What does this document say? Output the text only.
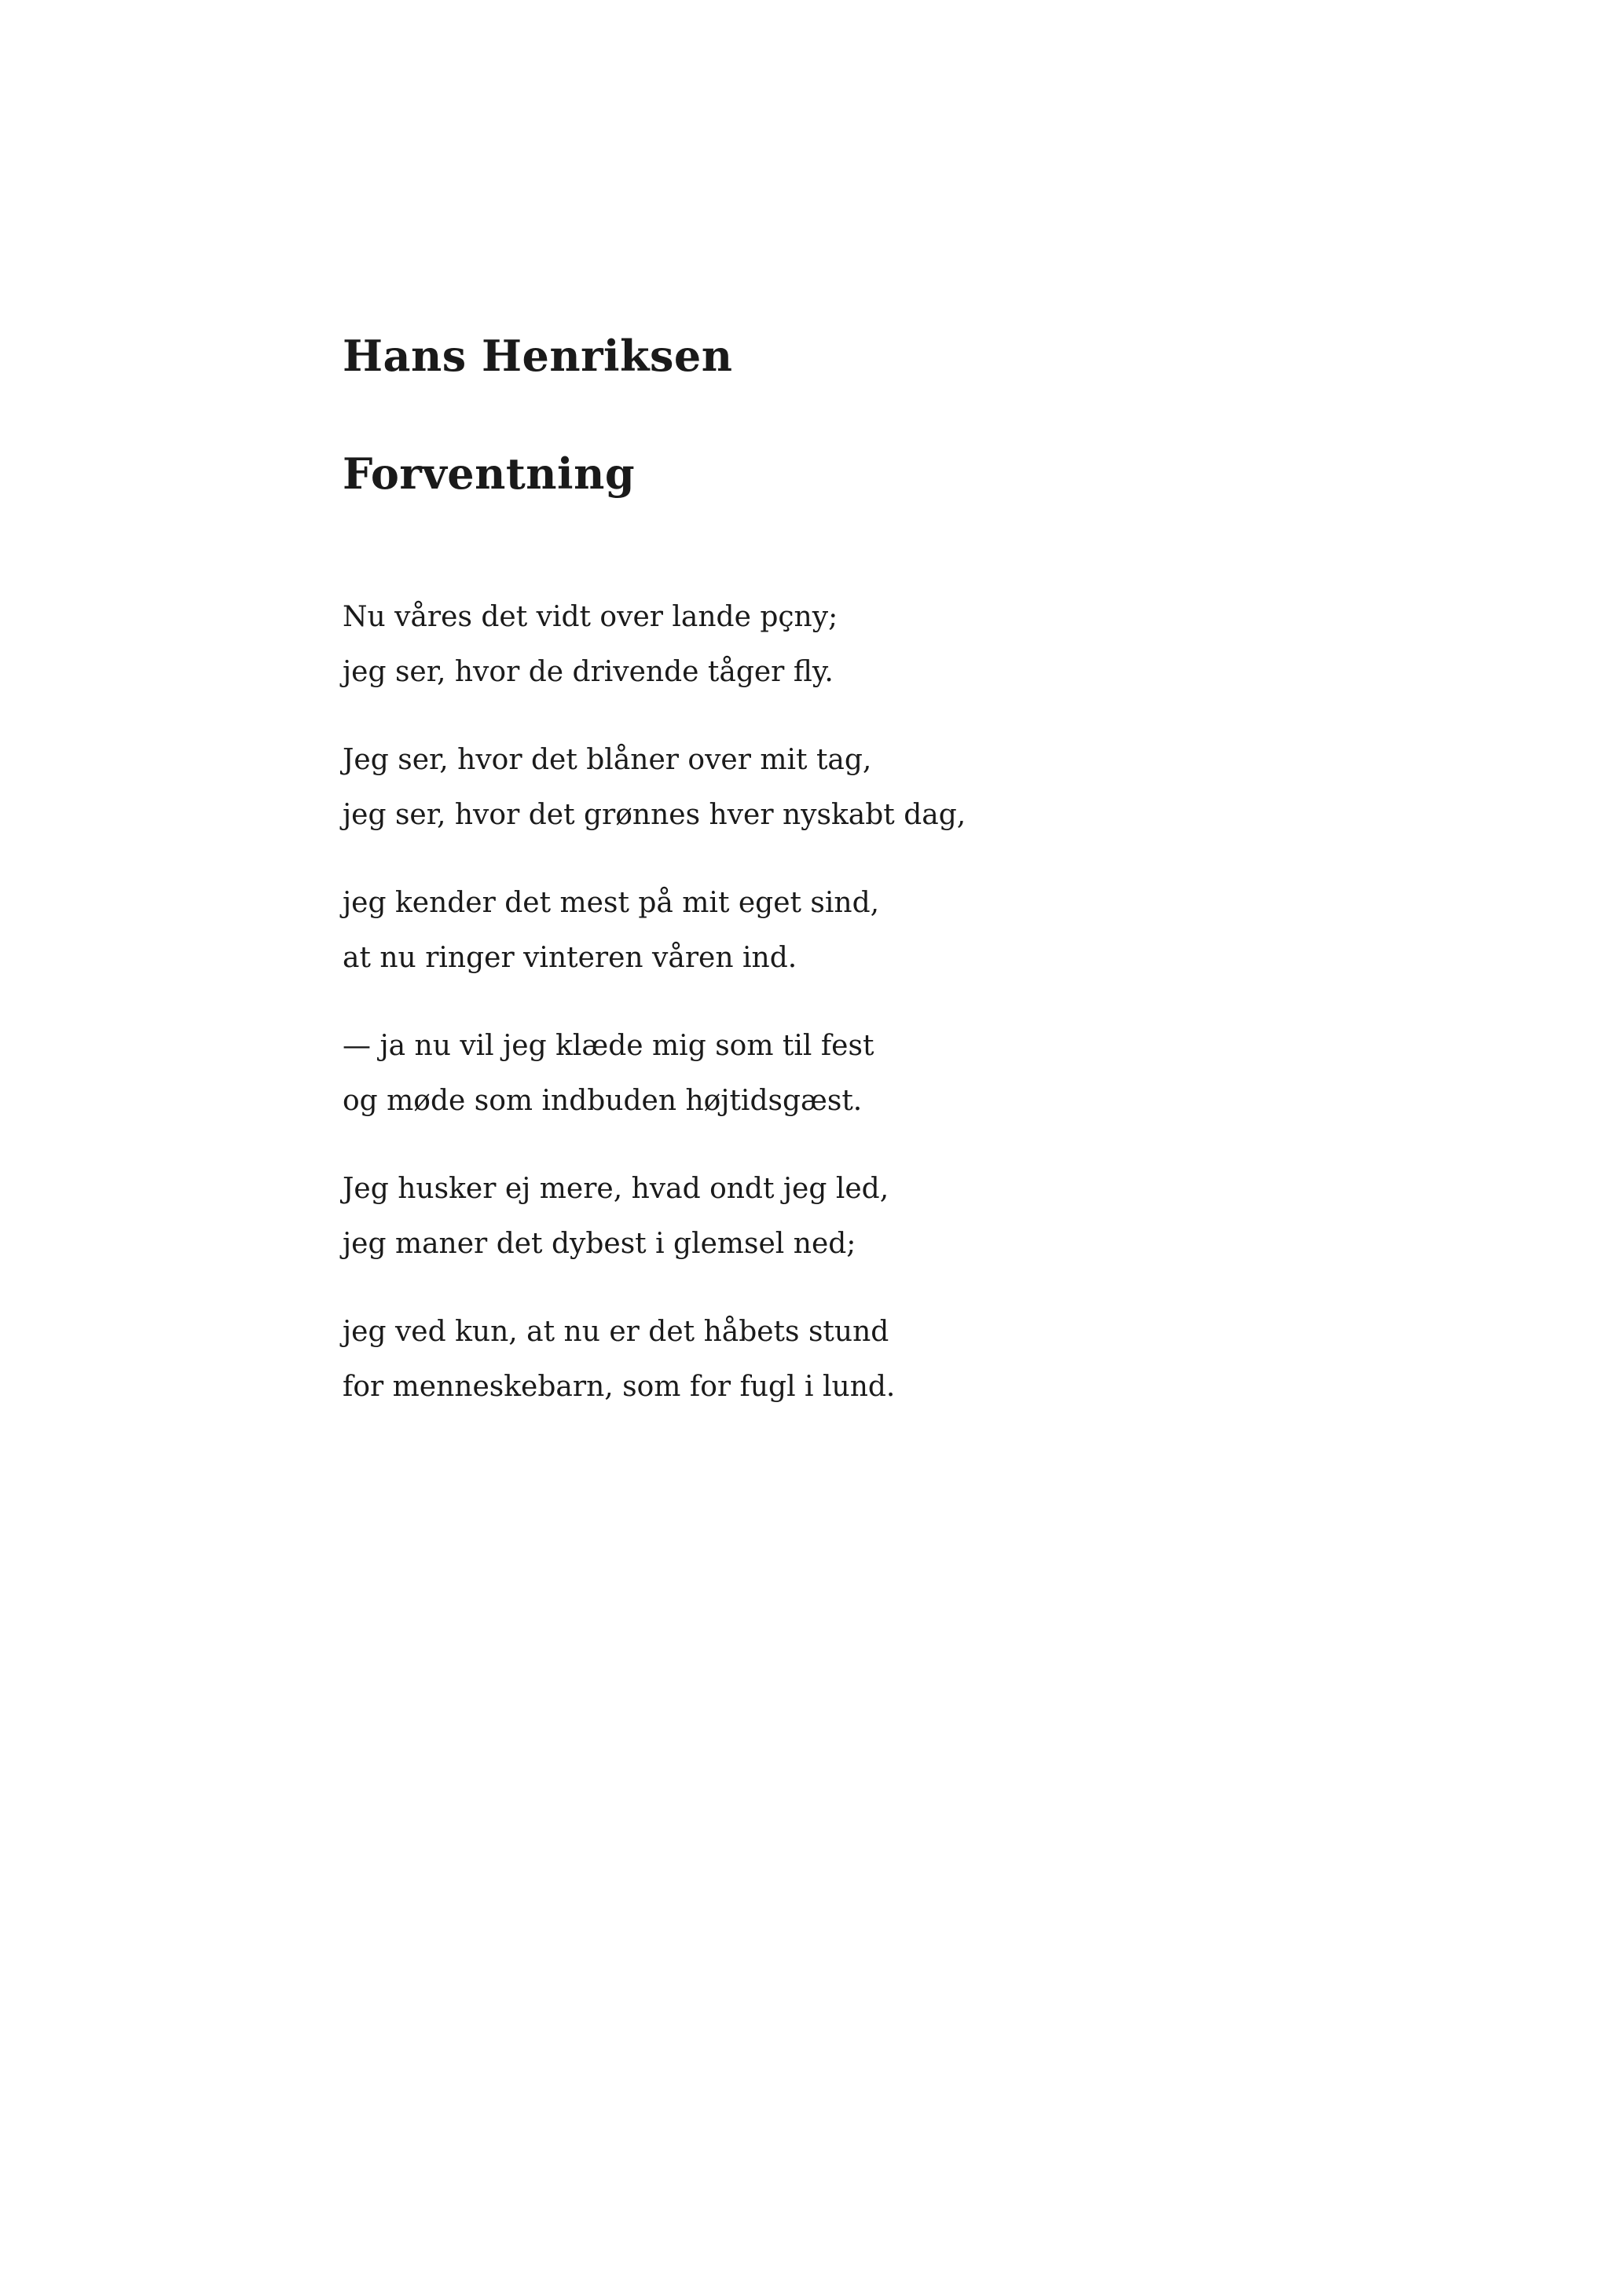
Hans Henriksen
Forventning

Nu våres det vidt over lande pçny;
jeg ser, hvor de drivende tåger fly.

Jeg ser, hvor det blåner over mit tag,
jeg ser, hvor det grønnes hver nyskabt dag,

jeg kender det mest på mit eget sind,
at nu ringer vinteren våren ind.

— ja nu vil jeg klæde mig som til fest
og møde som indbuden højtidsgæst.

Jeg husker ej mere, hvad ondt jeg led,
jeg maner det dybest i glemsel ned;

jeg ved kun, at nu er det håbets stund
for menneskebarn, som for fugl i lund.
